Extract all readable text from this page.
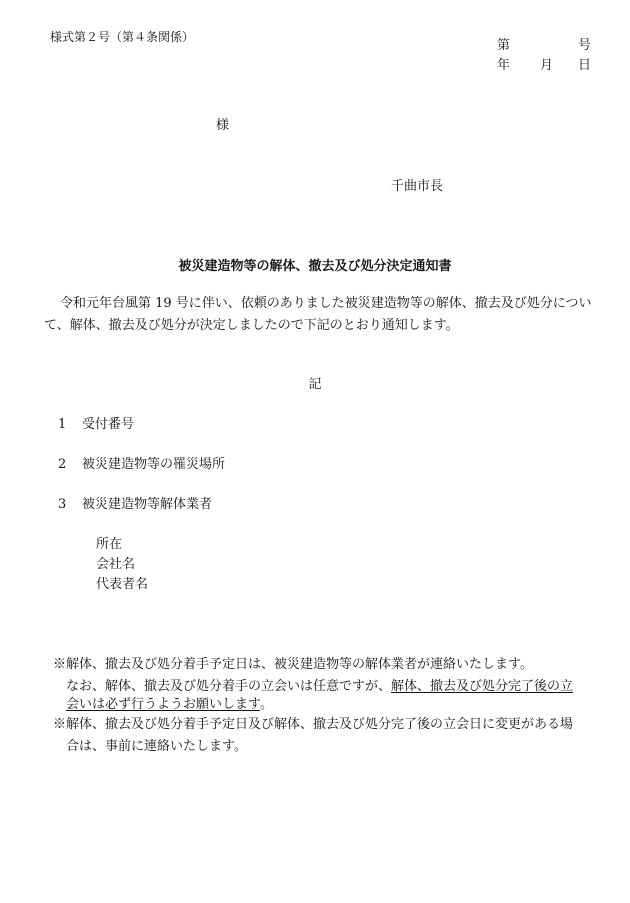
様式第２号（第４条関係）
第	号
年 月 日
様
千曲市長
被災建造物等の解体、撤去及び処分決定通知書
令和元年台風第 19 号に伴い、依頼のありました被災建造物等の解体、撤去及び処分につい
て、解体、撤去及び処分が決定しましたので下記のとおり通知します。
記
1 受付番号
2 被災建造物等の罹災場所
3 被災建造物等解体業者
所在
会社名
代表者名
※解体、撤去及び処分着手予定日は、被災建造物等の解体業者が連絡いたします。
なお、解体、撤去及び処分着手の立会いは任意ですが、解体、撤去及び処分完了後の立
会いは必ず行うようお願いします。
※解体、撤去及び処分着手予定日及び解体、撤去及び処分完了後の立会日に変更がある場
合は、事前に連絡いたします。
